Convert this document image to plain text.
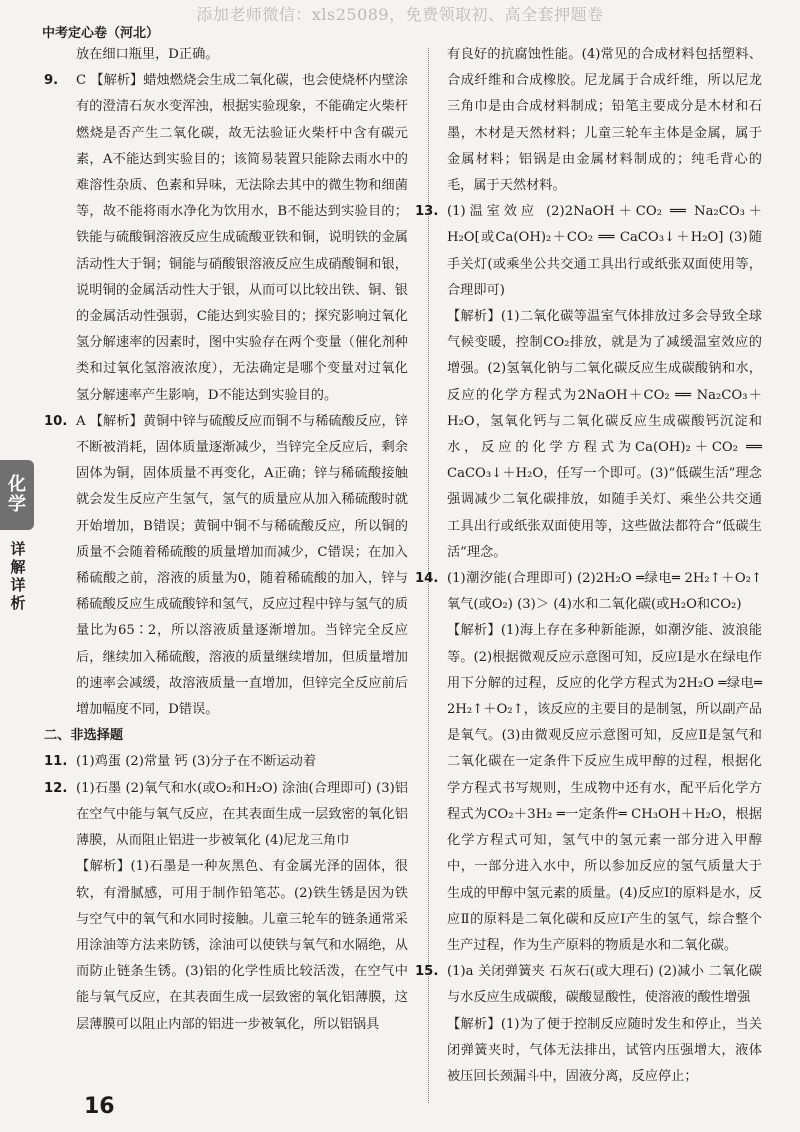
添加老师微信：xls25089，免费领取初、高全套押题卷
中考定心卷（河北）

放在细口瓶里，D正确。

9. C 【解析】蜡烛燃烧会生成二氧化碳，也会使烧杯内壁涂有的澄清石灰水变浑浊，根据实验现象，不能确定火柴杆燃烧是否产生二氧化碳，故无法验证火柴杆中含有碳元素，A不能达到实验目的；该简易装置只能除去雨水中的难溶性杂质、色素和异味，无法除去其中的微生物和细菌等，故不能将雨水净化为饮用水，B不能达到实验目的；铁能与硫酸铜溶液反应生成硫酸亚铁和铜，说明铁的金属活动性大于铜；铜能与硝酸银溶液反应生成硝酸铜和银，说明铜的金属活动性大于银，从而可以比较出铁、铜、银的金属活动性强弱，C能达到实验目的；探究影响过氧化氢分解速率的因素时，图中实验存在两个变量（催化剂种类和过氧化氢溶液浓度），无法确定是哪个变量对过氧化氢分解速率产生影响，D不能达到实验目的。

10. A 【解析】黄铜中锌与硫酸反应而铜不与稀硫酸反应，锌不断被消耗，固体质量逐渐减少，当锌完全反应后，剩余固体为铜，固体质量不再变化，A正确；锌与稀硫酸接触就会发生反应产生氢气，氢气的质量应从加入稀硫酸时就开始增加，B错误；黄铜中铜不与稀硫酸反应，所以铜的质量不会随着稀硫酸的质量增加而减少，C错误；在加入稀硫酸之前，溶液的质量为0，随着稀硫酸的加入，锌与稀硫酸反应生成硫酸锌和氢气，反应过程中锌与氢气的质量比为65∶2，所以溶液质量逐渐增加。当锌完全反应后，继续加入稀硫酸，溶液的质量继续增加，但质量增加的速率会减缓，故溶液质量一直增加，但锌完全反应前后增加幅度不同，D错误。

二、非选择题

11. (1)鸡蛋 (2)常量 钙 (3)分子在不断运动着

12. (1)石墨 (2)氧气和水(或O₂和H₂O) 涂油(合理即可) (3)铝在空气中能与氧气反应，在其表面生成一层致密的氧化铝薄膜，从而阻止铝进一步被氧化 (4)尼龙三角巾

【解析】(1)石墨是一种灰黑色、有金属光泽的固体，很软，有滑腻感，可用于制作铅笔芯。(2)铁生锈是因为铁与空气中的氧气和水同时接触。儿童三轮车的链条通常采用涂油等方法来防锈，涂油可以使铁与氧气和水隔绝，从而防止链条生锈。(3)铝的化学性质比较活泼，在空气中能与氧气反应，在其表面生成一层致密的氧化铝薄膜，这层薄膜可以阻止内部的铝进一步被氧化，所以铝锅具

有良好的抗腐蚀性能。(4)常见的合成材料包括塑料、合成纤维和合成橡胶。尼龙属于合成纤维，所以尼龙三角巾是由合成材料制成；铅笔主要成分是木材和石墨，木材是天然材料；儿童三轮车主体是金属，属于金属材料；铝锅是由金属材料制成的；纯毛背心的毛，属于天然材料。

13. (1)温室效应 (2)2NaOH＋CO₂ ══ Na₂CO₃＋H₂O[或Ca(OH)₂＋CO₂ ══ CaCO₃↓＋H₂O] (3)随手关灯(或乘坐公共交通工具出行或纸张双面使用等，合理即可)

【解析】(1)二氧化碳等温室气体排放过多会导致全球气候变暖，控制CO₂排放，就是为了减缓温室效应的增强。(2)氢氧化钠与二氧化碳反应生成碳酸钠和水，反应的化学方程式为2NaOH＋CO₂ ══ Na₂CO₃＋H₂O，氢氧化钙与二氧化碳反应生成碳酸钙沉淀和水，反应的化学方程式为Ca(OH)₂＋CO₂ ══ CaCO₃↓＋H₂O，任写一个即可。(3)“低碳生活”理念强调减少二氧化碳排放，如随手关灯、乘坐公共交通工具出行或纸张双面使用等，这些做法都符合“低碳生活”理念。

14. (1)潮汐能(合理即可) (2)2H₂O ═绿电═ 2H₂↑＋O₂↑ 氧气(或O₂) (3)＞ (4)水和二氧化碳(或H₂O和CO₂)

【解析】(1)海上存在多种新能源，如潮汐能、波浪能等。(2)根据微观反应示意图可知，反应Ⅰ是水在绿电作用下分解的过程，反应的化学方程式为2H₂O ═绿电═ 2H₂↑＋O₂↑，该反应的主要目的是制氢，所以副产品是氧气。(3)由微观反应示意图可知，反应Ⅱ是氢气和二氧化碳在一定条件下反应生成甲醇的过程，根据化学方程式书写规则，生成物中还有水，配平后化学方程式为CO₂＋3H₂ ═一定条件═ CH₃OH＋H₂O，根据化学方程式可知，氢气中的氢元素一部分进入甲醇中，一部分进入水中，所以参加反应的氢气质量大于生成的甲醇中氢元素的质量。(4)反应Ⅰ的原料是水，反应Ⅱ的原料是二氧化碳和反应Ⅰ产生的氢气，综合整个生产过程，作为生产原料的物质是水和二氧化碳。

15. (1)a 关闭弹簧夹 石灰石(或大理石) (2)减小 二氧化碳与水反应生成碳酸，碳酸显酸性，使溶液的酸性增强

【解析】(1)为了便于控制反应随时发生和停止，当关闭弹簧夹时，气体无法排出，试管内压强增大，液体被压回长颈漏斗中，固液分离，反应停止；

化
学
详
解
详
析
16
